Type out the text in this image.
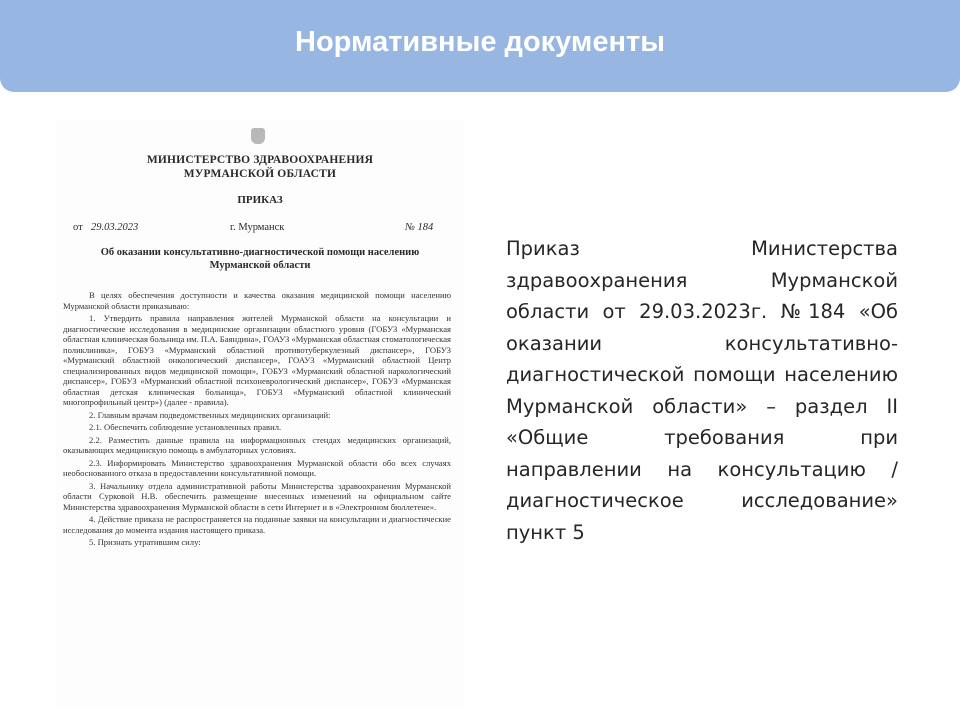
Нормативные документы
МИНИСТЕРСТВО ЗДРАВООХРАНЕНИЯ
МУРМАНСКОЙ ОБЛАСТИ
ПРИКАЗ
от 29.03.2023	г. Мурманск	№ 184
Об оказании консультативно-диагностической помощи населению Мурманской области

В целях обеспечения доступности и качества оказания медицинской помощи населению Мурманской области приказываю:

1. Утвердить правила направления жителей Мурманской области на консультации и диагностические исследования в медицинские организации областного уровня (ГОБУЗ «Мурманская областная клиническая больница им. П.А. Баяндина», ГОАУЗ «Мурманская областная стоматологическая поликлиника», ГОБУЗ «Мурманский областной противотуберкулезный диспансер», ГОБУЗ «Мурманский областной онкологический диспансер», ГОАУЗ «Мурманский областной Центр специализированных видов медицинской помощи», ГОБУЗ «Мурманский областной наркологический диспансер», ГОБУЗ «Мурманский областной психоневрологический диспансер», ГОБУЗ «Мурманская областная детская клиническая больница», ГОБУЗ «Мурманский областной клинический многопрофильный центр») (далее - правила).

2. Главным врачам подведомственных медицинских организаций:

2.1. Обеспечить соблюдение установленных правил.

2.2. Разместить данные правила на информационных стендах медицинских организаций, оказывающих медицинскую помощь в амбулаторных условиях.

2.3. Информировать Министерство здравоохранения Мурманской области обо всех случаях необоснованного отказа в предоставлении консультативной помощи.

3. Начальнику отдела административной работы Министерства здравоохранения Мурманской области Сурковой Н.В. обеспечить размещение внесенных изменений на официальном сайте Министерства здравоохранения Мурманской области в сети Интернет и в «Электронном бюллетене».

4. Действие приказа не распространяется на поданные заявки на консультации и диагностические исследования до момента издания настоящего приказа.

5. Признать утратившим силу:

Приказ Министерства здравоохранения Мурманской области от 29.03.2023г. №184 «Об оказании консультативно-диагностической помощи населению Мурманской области» – раздел II «Общие требования при направлении на консультацию / диагностическое исследование» пункт 5
